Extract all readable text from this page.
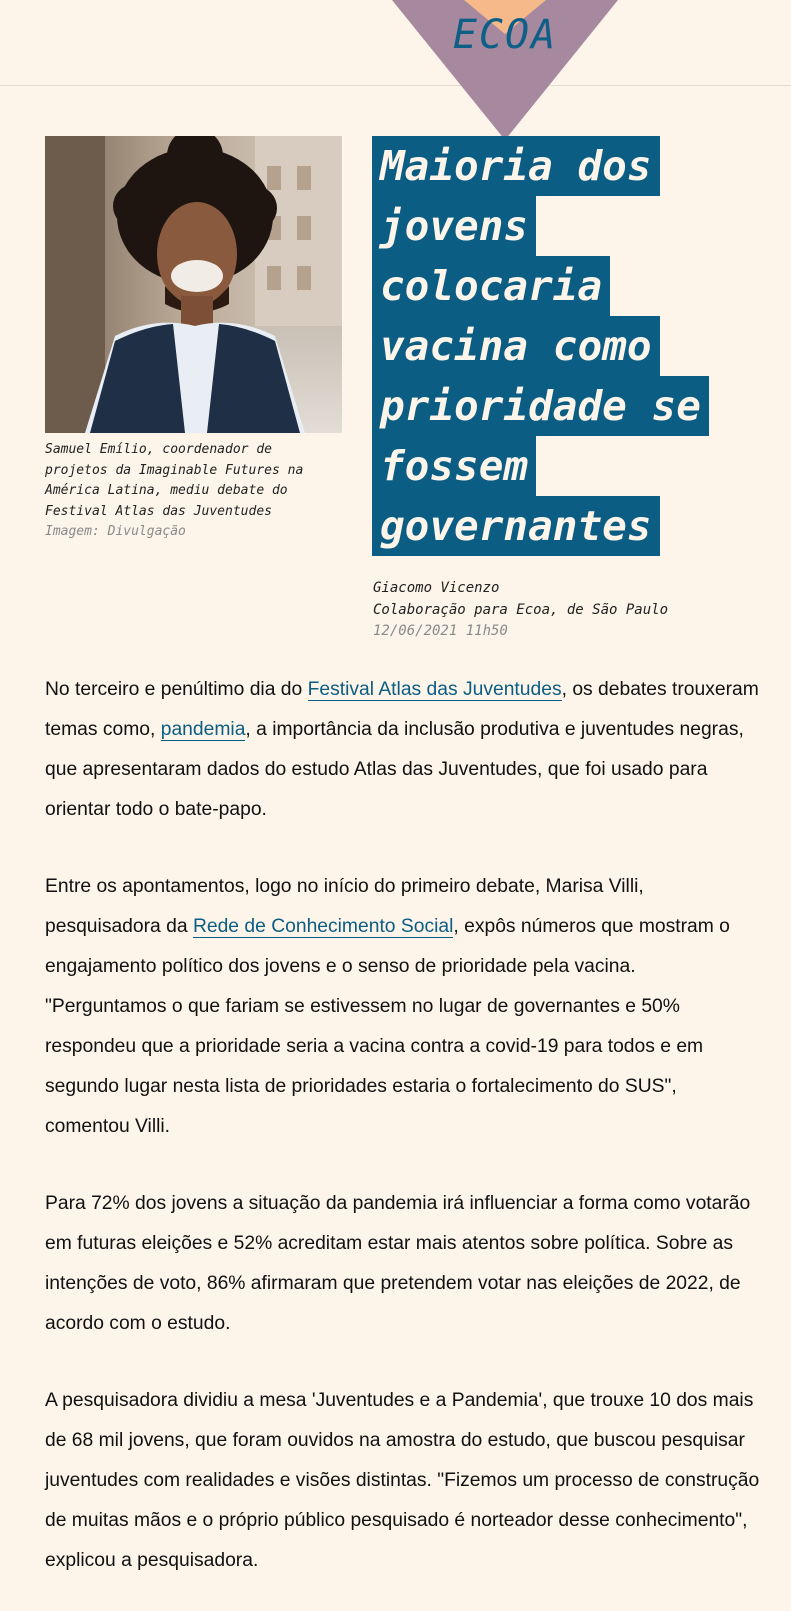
ECOA
Samuel Emílio, coordenador de projetos da Imaginable Futures na América Latina, mediu debate do Festival Atlas das Juventudes
Imagem: Divulgação
Maioria dos
jovens
colocaria
vacina como
prioridade se
fossem
governantes
Giacomo Vicenzo
Colaboração para Ecoa, de São Paulo
12/06/2021 11h50

No terceiro e penúltimo dia do Festival Atlas das Juventudes, os debates trouxeram temas como, pandemia, a importância da inclusão produtiva e juventudes negras, que apresentaram dados do estudo Atlas das Juventudes, que foi usado para orientar todo o bate-papo.

Entre os apontamentos, logo no início do primeiro debate, Marisa Villi, pesquisadora da Rede de Conhecimento Social, expôs números que mostram o engajamento político dos jovens e o senso de prioridade pela vacina. "Perguntamos o que fariam se estivessem no lugar de governantes e 50% respondeu que a prioridade seria a vacina contra a covid-19 para todos e em segundo lugar nesta lista de prioridades estaria o fortalecimento do SUS", comentou Villi.

Para 72% dos jovens a situação da pandemia irá influenciar a forma como votarão em futuras eleições e 52% acreditam estar mais atentos sobre política. Sobre as intenções de voto, 86% afirmaram que pretendem votar nas eleições de 2022, de acordo com o estudo.

A pesquisadora dividiu a mesa 'Juventudes e a Pandemia', que trouxe 10 dos mais de 68 mil jovens, que foram ouvidos na amostra do estudo, que buscou pesquisar juventudes com realidades e visões distintas. "Fizemos um processo de construção de muitas mãos e o próprio público pesquisado é norteador desse conhecimento", explicou a pesquisadora.
